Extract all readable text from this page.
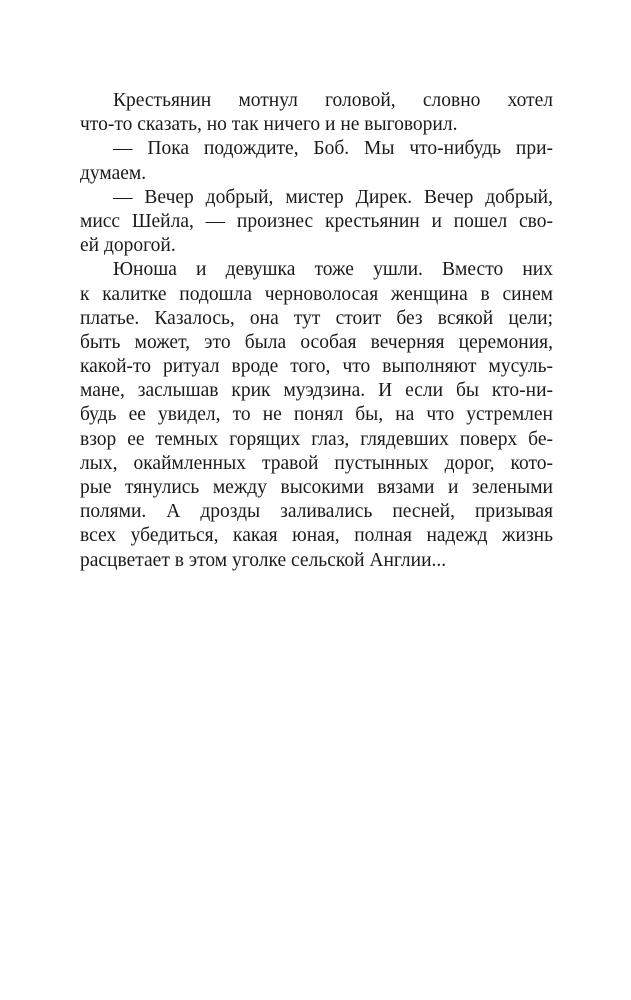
Крестьянин мотнул головой, словно хотел
что-то сказать, но так ничего и не выговорил.
— Пока подождите, Боб. Мы что-нибудь при-
думаем.
— Вечер добрый, мистер Дирек. Вечер добрый,
мисс Шейла, — произнес крестьянин и пошел сво-
ей дорогой.
Юноша и девушка тоже ушли. Вместо них
к калитке подошла черноволосая женщина в синем
платье. Казалось, она тут стоит без всякой цели;
быть может, это была особая вечерняя церемония,
какой-то ритуал вроде того, что выполняют мусуль-
мане, заслышав крик муэдзина. И если бы кто-ни-
будь ее увидел, то не понял бы, на что устремлен
взор ее темных горящих глаз, глядевших поверх бе-
лых, окаймленных травой пустынных дорог, кото-
рые тянулись между высокими вязами и зелеными
полями. А дрозды заливались песней, призывая
всех убедиться, какая юная, полная надежд жизнь
расцветает в этом уголке сельской Англии...
